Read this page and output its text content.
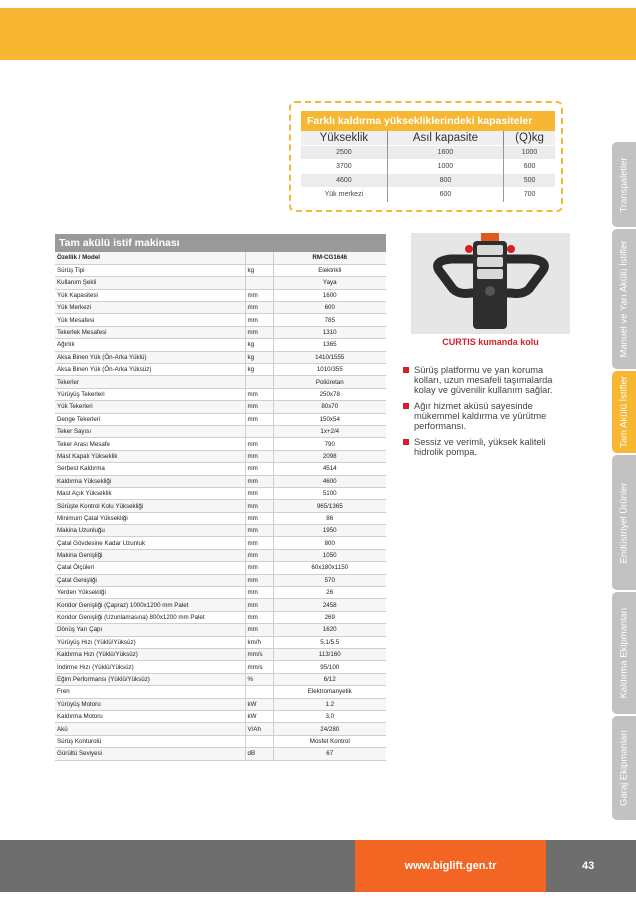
Farklı kaldırma yüksekliklerindeki kapasiteler
Yükseklik	Asıl kapasite	(Q)kg
2500	1600	1000
3700	1000	600
4600	800	500
Yük merkezi	600	700
Tam akülü istif makinası
Özellik / Model		RM-CG1646
Sürüş Tipi	kg	Elektrikli
Kullanım Şekli		Yaya
Yük Kapasitesi	mm	1600
Yük Merkezi	mm	600
Yük Mesafesi	mm	785
Tekerlek Mesafesi	mm	1310
Ağırlık	kg	1365
Aksa Binen Yük (Ön-Arka Yüklü)	kg	1410/1555
Aksa Binen Yük (Ön-Arka Yüksüz)	kg	1010/355
Tekerler		Poliüretan
Yürüyüş Tekerleri	mm	250x78
Yük Tekerleri	mm	80x70
Denge Tekerleri	mm	150x54
Teker Sayısı		1x+2/4
Teker Arası Mesafe	mm	790
Mast Kapalı Yükseklik	mm	2098
Serbest Kaldırma	mm	4514
Kaldırma Yüksekliği	mm	4600
Mast Açık Yükseklik	mm	5100
Sürüşte Kontrol Kolu Yüksekliği	mm	965/1365
Minimum Çatal Yüksekliği	mm	86
Makina Uzunluğu	mm	1950
Çatal Gövdesine Kadar Uzunluk	mm	800
Makina Genişliği	mm	1050
Çatal Ölçüleri	mm	60x180x1150
Çatal Genişliği	mm	570
Yerden Yüksekliği	mm	26
Koridor Genişliği (Çapraz) 1000x1200 mm Palet	mm	2458
Koridor Genişliği (Uzunlamasına) 800x1200 mm Palet	mm	269
Dönüş Yarı Çapı	mm	1620
Yürüyüş Hızı (Yüklü/Yüksüz)	km/h	5.1/5.5
Kaldırma Hızı (Yüklü/Yüksüz)	mm/s	113/160
İndirme Hızı (Yüklü/Yüksüz)	mm/s	95/100
Eğim Performansı (Yüklü/Yüksüz)	%	6/12
Fren		Elektromanyetik
Yürüyüş Motoru	kW	1.2
Kaldırma Motoru	kW	3,0
Akü	V/Ah	24/280
Sürüş Konturolü		Mosfet Kontrol
Gürültü Seviyesi	dB	67
CURTIS kumanda kolu
Sürüş platformu ve yan koruma kolları, uzun mesafeli taşımalarda kolay ve güvenilir kullanım sağlar.
Ağır hizmet aküsü sayesinde mükemmel kaldırma ve yürütme performansı.
Sessiz ve verimli, yüksek kaliteli hidrolik pompa.
Transpaletler
Manuel ve Yarı Akülü İstifler
Tam Akülü İstifler
Endüstriyel Ürünler
Kaldırma Ekipmanları
Garaj Ekipmanları
www.biglift.gen.tr	43
